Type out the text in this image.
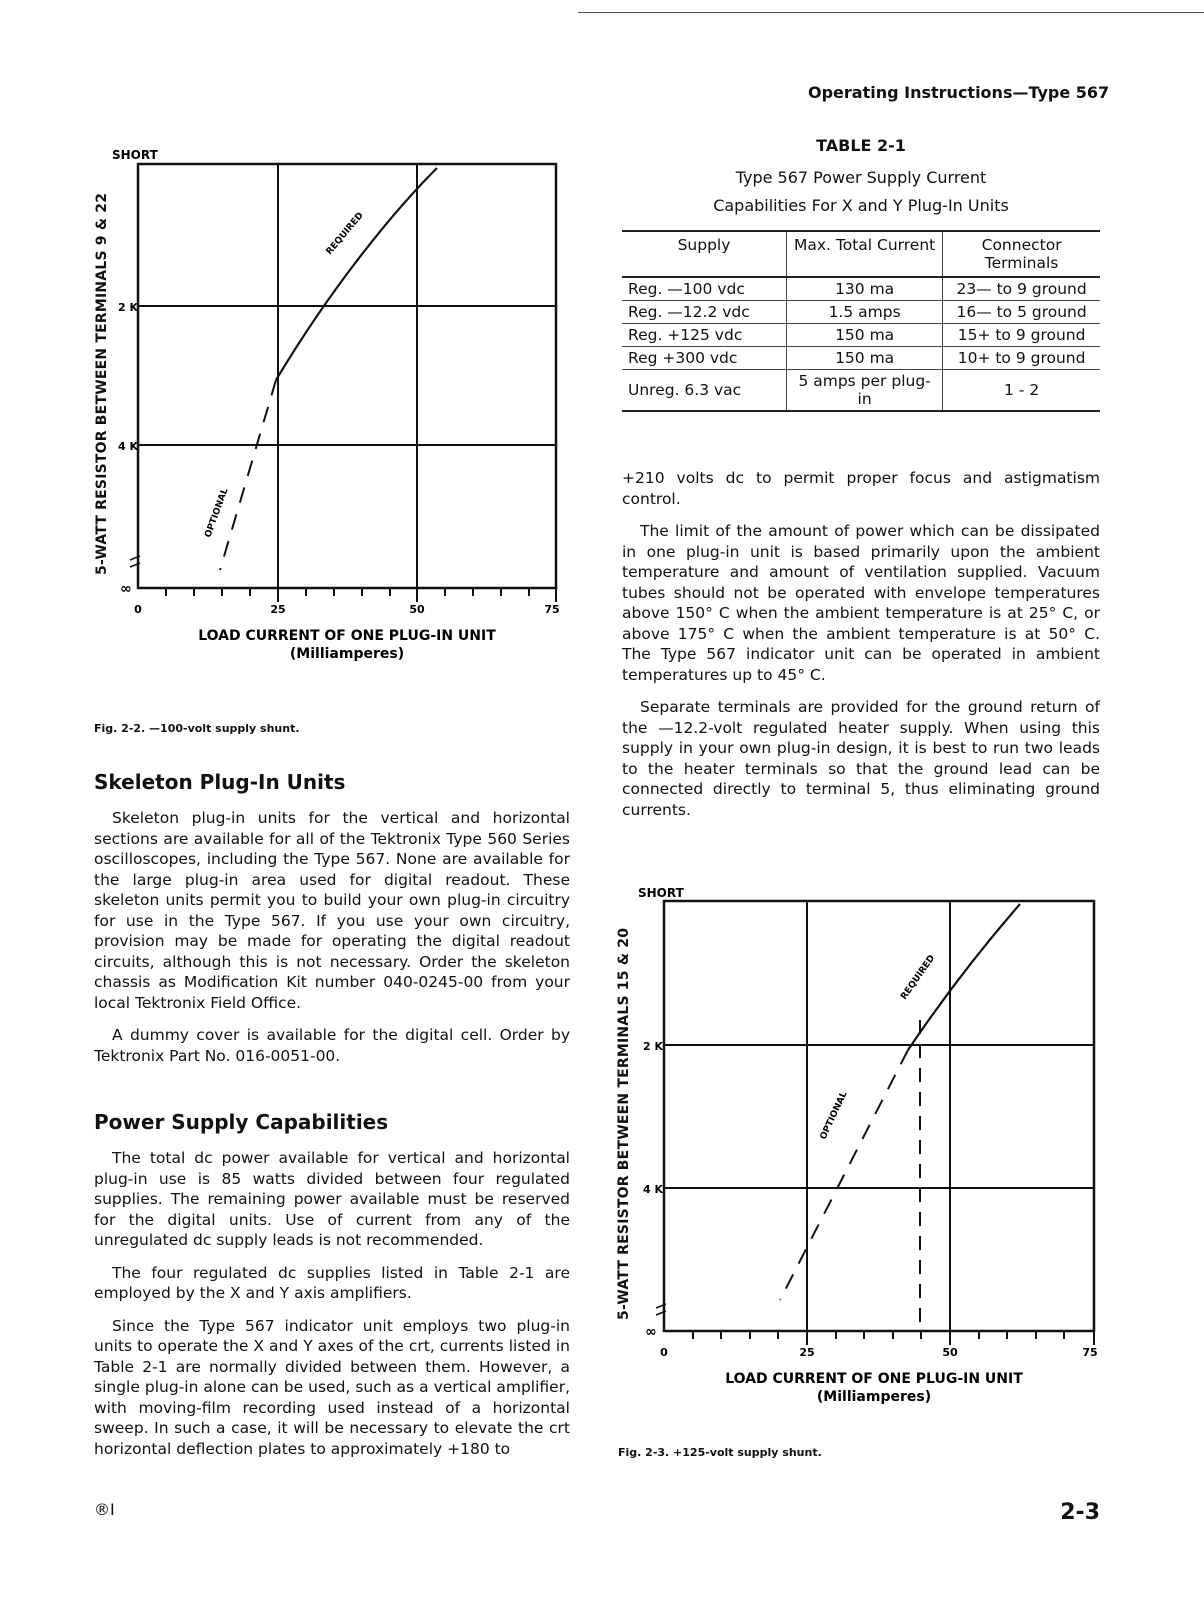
Operating Instructions—Type 567
SHORT
2 K
4 K
∞
0	25	50	75
REQUIRED
OPTIONAL
LOAD CURRENT OF ONE PLUG-IN UNIT
(Milliamperes)
5-WATT RESISTOR BETWEEN TERMINALS 9 & 22
Fig. 2-2. —100-volt supply shunt.
Skeleton Plug-In Units

Skeleton plug-in units for the vertical and horizontal sections are available for all of the Tektronix Type 560 Series oscilloscopes, including the Type 567. None are available for the large plug-in area used for digital readout. These skeleton units permit you to build your own plug-in circuitry for use in the Type 567. If you use your own circuitry, provision may be made for operating the digital readout circuits, although this is not necessary. Order the skeleton chassis as Modification Kit number 040-0245-00 from your local Tektronix Field Office.

A dummy cover is available for the digital cell. Order by Tektronix Part No. 016-0051-00.

Power Supply Capabilities

The total dc power available for vertical and horizontal plug-in use is 85 watts divided between four regulated supplies. The remaining power available must be reserved for the digital units. Use of current from any of the unregulated dc supply leads is not recommended.

The four regulated dc supplies listed in Table 2-1 are employed by the X and Y axis amplifiers.

Since the Type 567 indicator unit employs two plug-in units to operate the X and Y axes of the crt, currents listed in Table 2-1 are normally divided between them. However, a single plug-in alone can be used, such as a vertical amplifier, with moving-film recording used instead of a horizontal sweep. In such a case, it will be necessary to elevate the crt horizontal deflection plates to approximately +180 to

TABLE 2-1
Type 567 Power Supply Current
Capabilities For X and Y Plug-In Units
Supply	Max. Total Current	Connector Terminals
Reg. —100 vdc	130 ma	23— to 9 ground
Reg. —12.2 vdc	1.5 amps	16— to 5 ground
Reg. +125 vdc	150 ma	15+ to 9 ground
Reg +300 vdc	150 ma	10+ to 9 ground
Unreg. 6.3 vac	5 amps per plug-in	1 - 2

+210 volts dc to permit proper focus and astigmatism control.

The limit of the amount of power which can be dissipated in one plug-in unit is based primarily upon the ambient temperature and amount of ventilation supplied. Vacuum tubes should not be operated with envelope temperatures above 150° C when the ambient temperature is at 25° C, or above 175° C when the ambient temperature is at 50° C. The Type 567 indicator unit can be operated in ambient temperatures up to 45° C.

Separate terminals are provided for the ground return of the —12.2-volt regulated heater supply. When using this supply in your own plug-in design, it is best to run two leads to the heater terminals so that the ground lead can be connected directly to terminal 5, thus eliminating ground currents.

SHORT
2 K
4 K
∞
0	25	50	75
REQUIRED
OPTIONAL
LOAD CURRENT OF ONE PLUG-IN UNIT
(Milliamperes)
5-WATT RESISTOR BETWEEN TERMINALS 15 & 20
Fig. 2-3. +125-volt supply shunt.
®I	2-3
